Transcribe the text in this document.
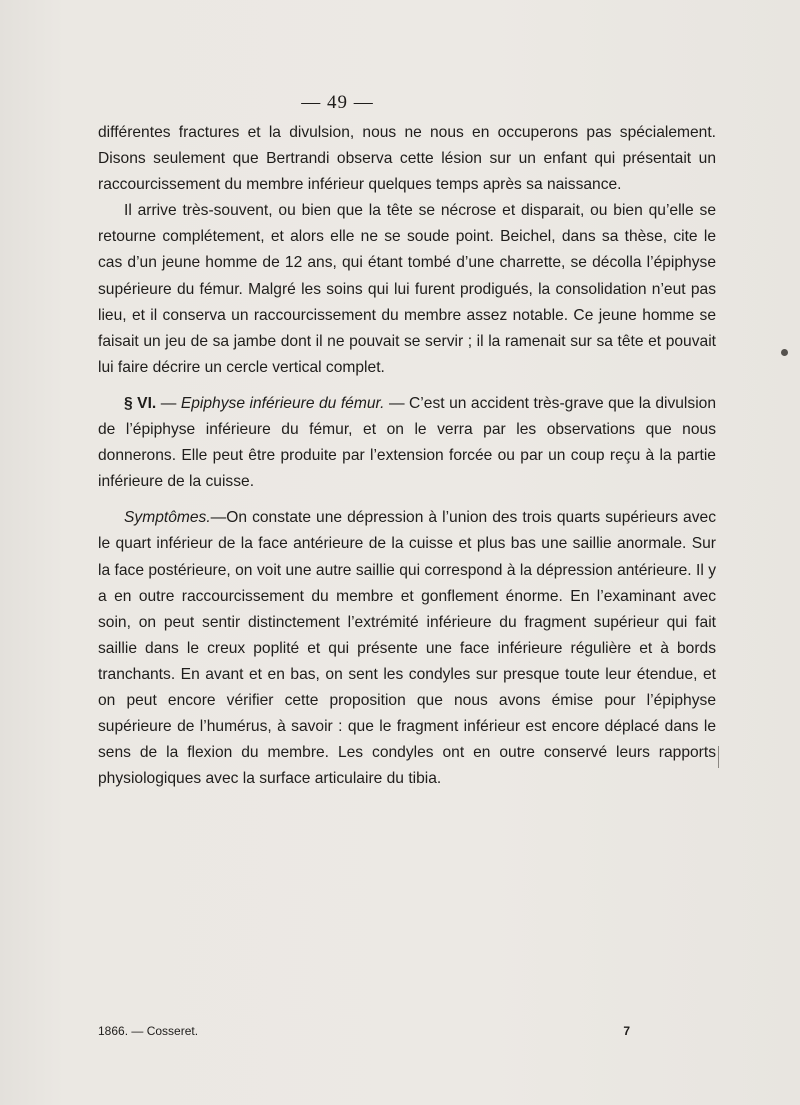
— 49 —

différentes fractures et la divulsion, nous ne nous en occuperons pas spécialement. Disons seulement que Bertrandi observa cette lésion sur un enfant qui présentait un raccourcissement du membre inférieur quelques temps après sa naissance.

Il arrive très-souvent, ou bien que la tête se nécrose et disparait, ou bien qu’elle se retourne complétement, et alors elle ne se soude point. Beichel, dans sa thèse, cite le cas d’un jeune homme de 12 ans, qui étant tombé d’une charrette, se décolla l’épiphyse supérieure du fémur. Malgré les soins qui lui furent prodigués, la consolidation n’eut pas lieu, et il conserva un raccourcissement du membre assez notable. Ce jeune homme se faisait un jeu de sa jambe dont il ne pouvait se servir ; il la ramenait sur sa tête et pouvait lui faire décrire un cercle vertical complet.

§ VI. — Epiphyse inférieure du fémur. — C’est un accident très-grave que la divulsion de l’épiphyse inférieure du fémur, et on le verra par les observations que nous donnerons. Elle peut être produite par l’extension forcée ou par un coup reçu à la partie inférieure de la cuisse.

Symptômes.—On constate une dépression à l’union des trois quarts supérieurs avec le quart inférieur de la face antérieure de la cuisse et plus bas une saillie anormale. Sur la face postérieure, on voit une autre saillie qui correspond à la dépression antérieure. Il y a en outre raccourcissement du membre et gonflement énorme. En l’examinant avec soin, on peut sentir distinctement l’extrémité inférieure du fragment supérieur qui fait saillie dans le creux poplité et qui présente une face inférieure régulière et à bords tranchants. En avant et en bas, on sent les condyles sur presque toute leur étendue, et on peut encore vérifier cette proposition que nous avons émise pour l’épiphyse supérieure de l’humérus, à savoir : que le fragment inférieur est encore déplacé dans le sens de la flexion du membre. Les condyles ont en outre conservé leurs rapports physiologiques avec la surface articulaire du tibia.

1866. — Cosseret.	7
